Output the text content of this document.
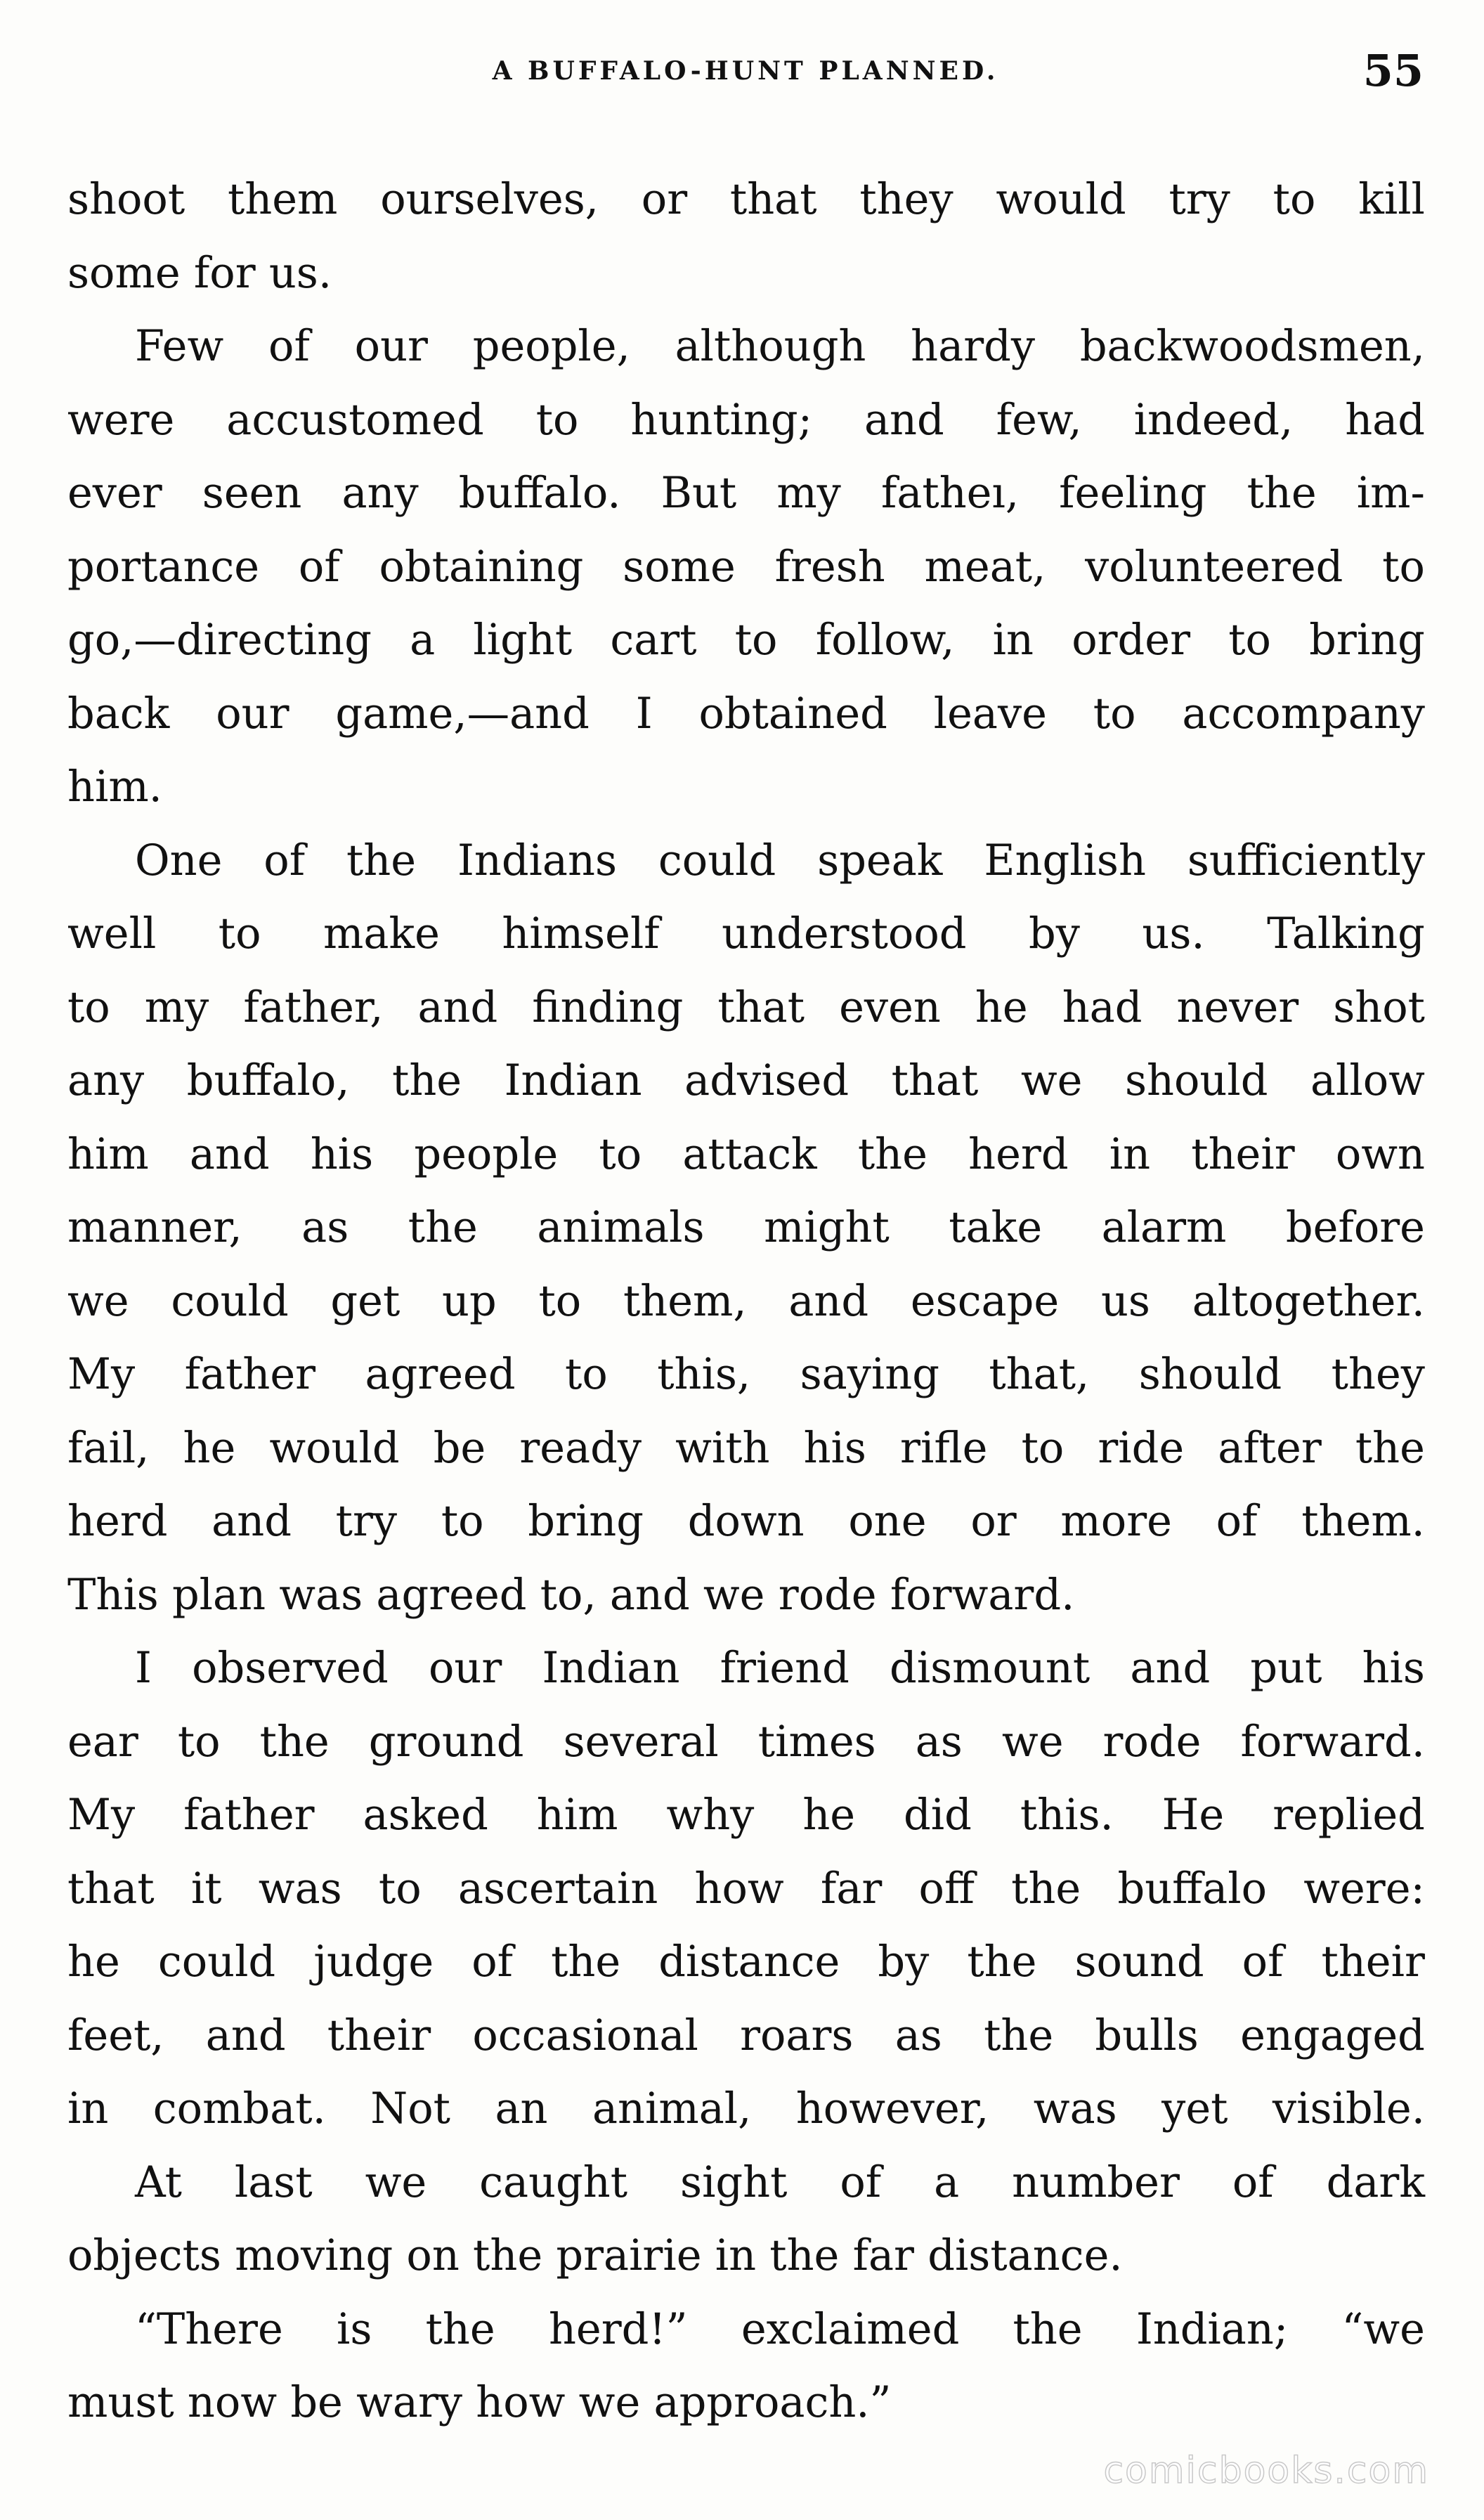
A BUFFALO-HUNT PLANNED.	55
shoot them ourselves, or that they would try to kill
some for us.
Few of our people, although hardy backwoodsmen,
were accustomed to hunting; and few, indeed, had
ever seen any buffalo. But my fatheı, feeling the im-
portance of obtaining some fresh meat, volunteered to
go,—directing a light cart to follow, in order to bring
back our game,—and I obtained leave to accompany
him.
One of the Indians could speak English sufficiently
well to make himself understood by us. Talking
to my father, and finding that even he had never shot
any buffalo, the Indian advised that we should allow
him and his people to attack the herd in their own
manner, as the animals might take alarm before
we could get up to them, and escape us altogether.
My father agreed to this, saying that, should they
fail, he would be ready with his rifle to ride after the
herd and try to bring down one or more of them.
This plan was agreed to, and we rode forward.
I observed our Indian friend dismount and put his
ear to the ground several times as we rode forward.
My father asked him why he did this. He replied
that it was to ascertain how far off the buffalo were:
he could judge of the distance by the sound of their
feet, and their occasional roars as the bulls engaged
in combat. Not an animal, however, was yet visible.
At last we caught sight of a number of dark
objects moving on the prairie in the far distance.
“There is the herd!” exclaimed the Indian; “we
must now be wary how we approach.”
comicbooks.com
